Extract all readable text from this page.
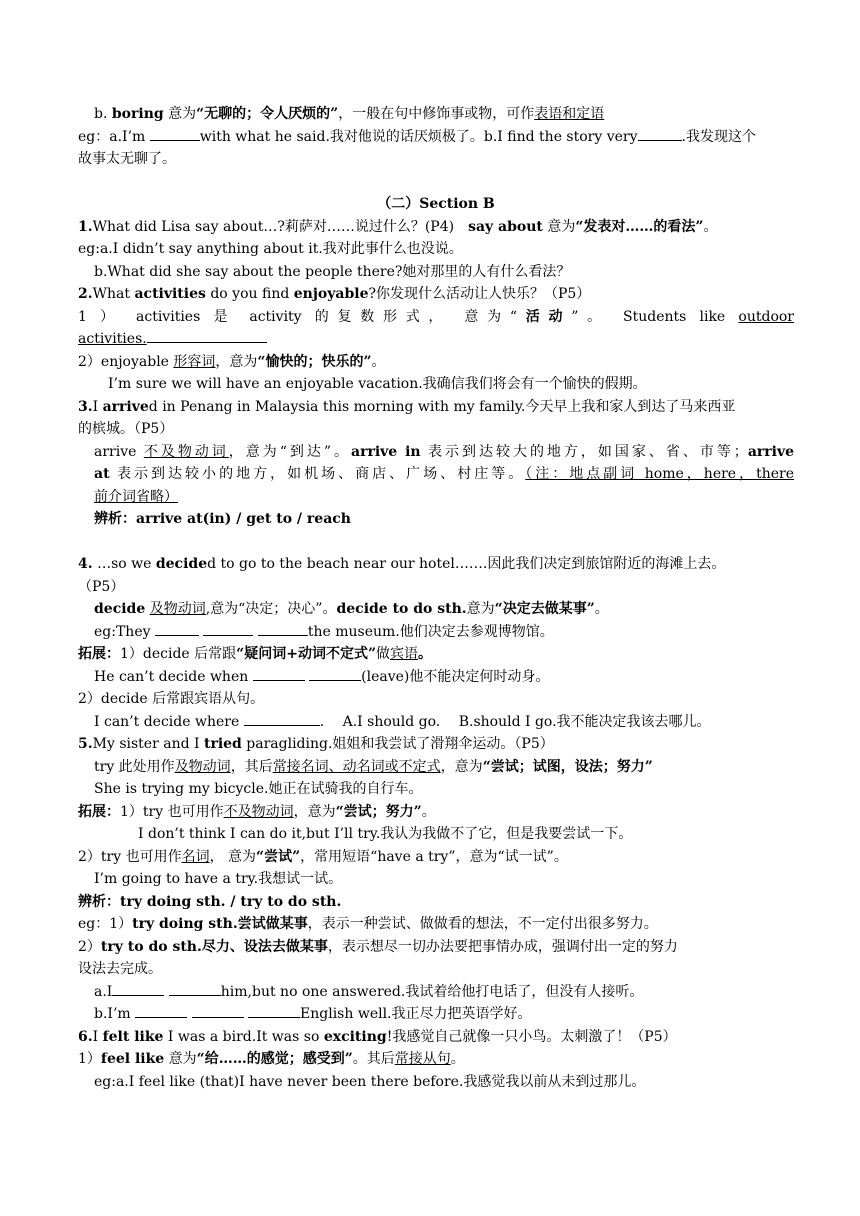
b. boring 意为“无聊的；令人厌烦的”，一般在句中修饰事或物，可作表语和定语
eg：a.I’m	with what he said.我对他说的话厌烦极了。b.I find the story very	.我发现这个
故事太无聊了。
（二）Section B
1.What did Lisa say about…?莉萨对……说过什么？(P4)　say about 意为“发表对……的看法”。
eg:a.I didn’t say anything about it.我对此事什么也没说。
b.What did she say about the people there?她对那里的人有什么看法？
2.What activities do you find enjoyable?你发现什么活动让人快乐？（P5）
1 ） activities 是 activity 的复数形式， 意为“活动”。 Students like outdoor
activities.
2）enjoyable 形容词，意为“愉快的；快乐的”。
I’m sure we will have an enjoyable vacation.我确信我们将会有一个愉快的假期。
3.I arrived in Penang in Malaysia this morning with my family.今天早上我和家人到达了马来西亚
的槟城。（P5）
arrive 不及物动词，意为“到达”。arrive in 表示到达较大的地方，如国家、省、市等；arrive
at 表示到达较小的地方，如机场、商店、广场、村庄等。（注：地点副词 home，here，there
前介词省略）
辨析：arrive at(in) / get to / reach
4. …so we decided to go to the beach near our hotel…….因此我们决定到旅馆附近的海滩上去。
（P5）
decide 及物动词,意为“决定；决心”。decide to do sth.意为“决定去做某事”。
eg:They	the museum.他们决定去参观博物馆。
拓展：1）decide 后常跟“疑问词+动词不定式”做宾语。
He can’t decide when	(leave)他不能决定何时动身。
2）decide 后常跟宾语从句。
I can’t decide where	.　 A.I should go.　 B.should I go.我不能决定我该去哪儿。
5.My sister and I tried paragliding.姐姐和我尝试了滑翔伞运动。（P5）
try 此处用作及物动词，其后常接名词、动名词或不定式，意为“尝试；试图，设法；努力”
She is trying my bicycle.她正在试骑我的自行车。
拓展：1）try 也可用作不及物动词，意为“尝试；努力”。
I don’t think I can do it,but I’ll try.我认为我做不了它，但是我要尝试一下。
2）try 也可用作名词， 意为“尝试”，常用短语“have a try”，意为“试一试”。
I’m going to have a try.我想试一试。
辨析：try doing sth. / try to do sth.
eg：1）try doing sth.尝试做某事，表示一种尝试、做做看的想法，不一定付出很多努力。
2）try to do sth.尽力、设法去做某事，表示想尽一切办法要把事情办成，强调付出一定的努力
设法去完成。
a.I	him,but no one answered.我试着给他打电话了，但没有人接听。
b.I’m	English well.我正尽力把英语学好。
6.I felt like I was a bird.It was so exciting!我感觉自己就像一只小鸟。太刺激了！（P5）
1）feel like 意为“给……的感觉；感受到”。其后常接从句。
eg:a.I feel like (that)I have never been there before.我感觉我以前从未到过那儿。
